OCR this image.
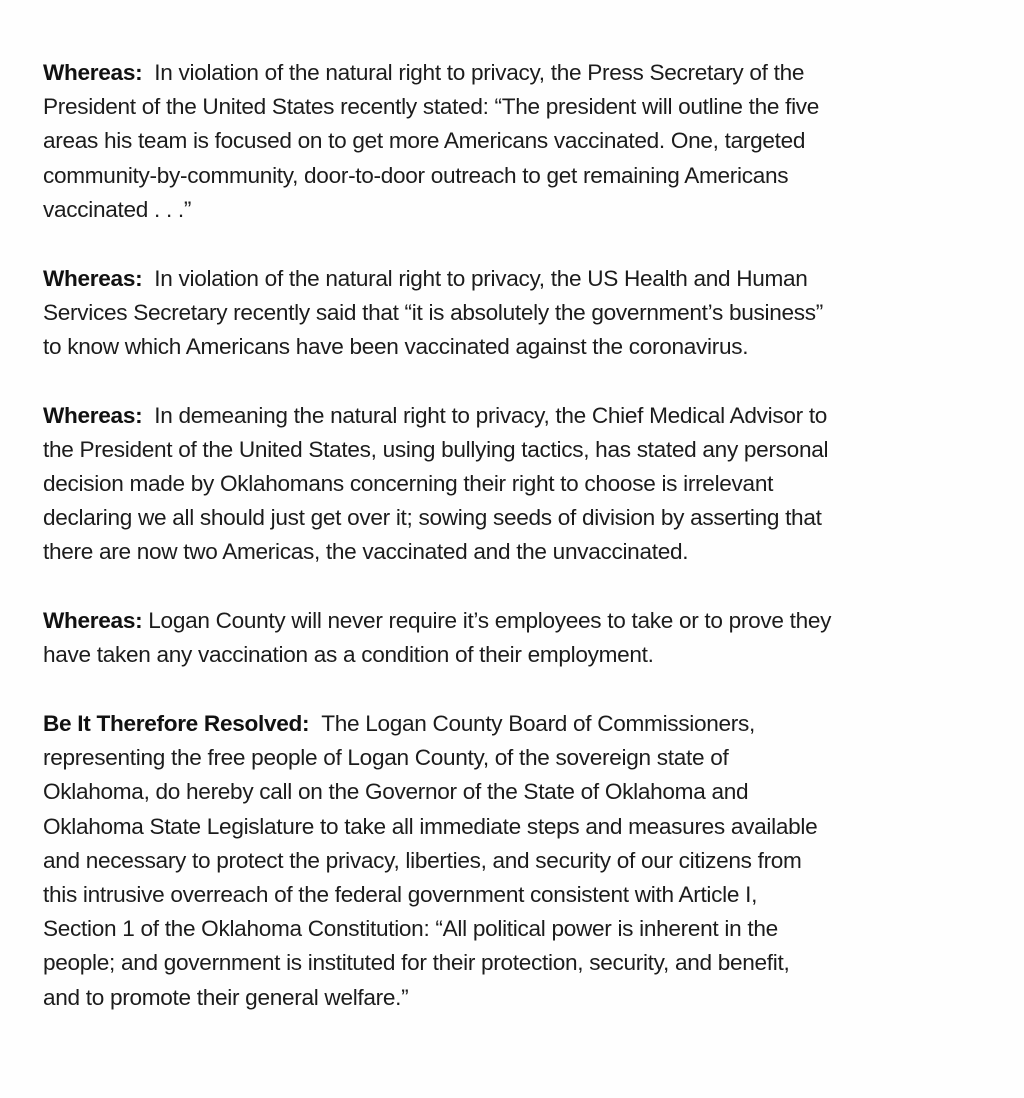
Whereas: In violation of the natural right to privacy, the Press Secretary of the
President of the United States recently stated: “The president will outline the five
areas his team is focused on to get more Americans vaccinated. One, targeted
community-by-community, door-to-door outreach to get remaining Americans
vaccinated . . .”

Whereas: In violation of the natural right to privacy, the US Health and Human
Services Secretary recently said that “it is absolutely the government’s business”
to know which Americans have been vaccinated against the coronavirus.

Whereas: In demeaning the natural right to privacy, the Chief Medical Advisor to
the President of the United States, using bullying tactics, has stated any personal
decision made by Oklahomans concerning their right to choose is irrelevant
declaring we all should just get over it; sowing seeds of division by asserting that
there are now two Americas, the vaccinated and the unvaccinated.

Whereas: Logan County will never require it’s employees to take or to prove they
have taken any vaccination as a condition of their employment.

Be It Therefore Resolved: The Logan County Board of Commissioners,
representing the free people of Logan County, of the sovereign state of
Oklahoma, do hereby call on the Governor of the State of Oklahoma and
Oklahoma State Legislature to take all immediate steps and measures available
and necessary to protect the privacy, liberties, and security of our citizens from
this intrusive overreach of the federal government consistent with Article I,
Section 1 of the Oklahoma Constitution: “All political power is inherent in the
people; and government is instituted for their protection, security, and benefit,
and to promote their general welfare.”
